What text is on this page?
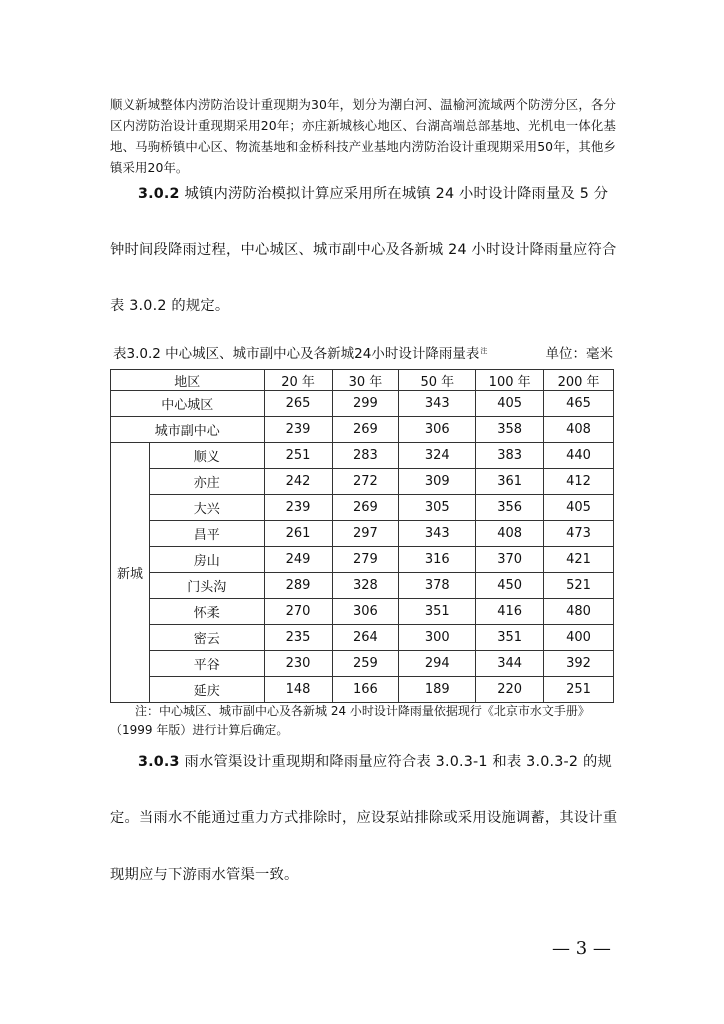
顺义新城整体内涝防治设计重现期为30年，划分为潮白河、温榆河流域两个防涝分区，各分区内涝防治设计重现期采用20年；亦庄新城核心地区、台湖高端总部基地、光机电一体化基地、马驹桥镇中心区、物流基地和金桥科技产业基地内涝防治设计重现期采用50年，其他乡镇采用20年。

3.0.2 城镇内涝防治模拟计算应采用所在城镇 24 小时设计降雨量及 5 分
钟时间段降雨过程，中心城区、城市副中心及各新城 24 小时设计降雨量应符合
表 3.0.2 的规定。
表3.0.2 中心城区、城市副中心及各新城24小时设计降雨量表$^注$	单位：毫米
地区		20 年	30 年	50 年	100 年	200 年
中心城区		265	299	343	405	465
城市副中心		239	269	306	358	408
新城	顺义	251	283	324	383	440
	亦庄	242	272	309	361	412
	大兴	239	269	305	356	405
	昌平	261	297	343	408	473
	房山	249	279	316	370	421
	门头沟	289	328	378	450	521
	怀柔	270	306	351	416	480
	密云	235	264	300	351	400
	平谷	230	259	294	344	392
	延庆	148	166	189	220	251
注：中心城区、城市副中心及各新城 24 小时设计降雨量依据现行《北京市水文手册》
（1999 年版）进行计算后确定。
3.0.3 雨水管渠设计重现期和降雨量应符合表 3.0.3-1 和表 3.0.3-2 的规
定。当雨水不能通过重力方式排除时，应设泵站排除或采用设施调蓄，其设计重
现期应与下游雨水管渠一致。
— 3 —
